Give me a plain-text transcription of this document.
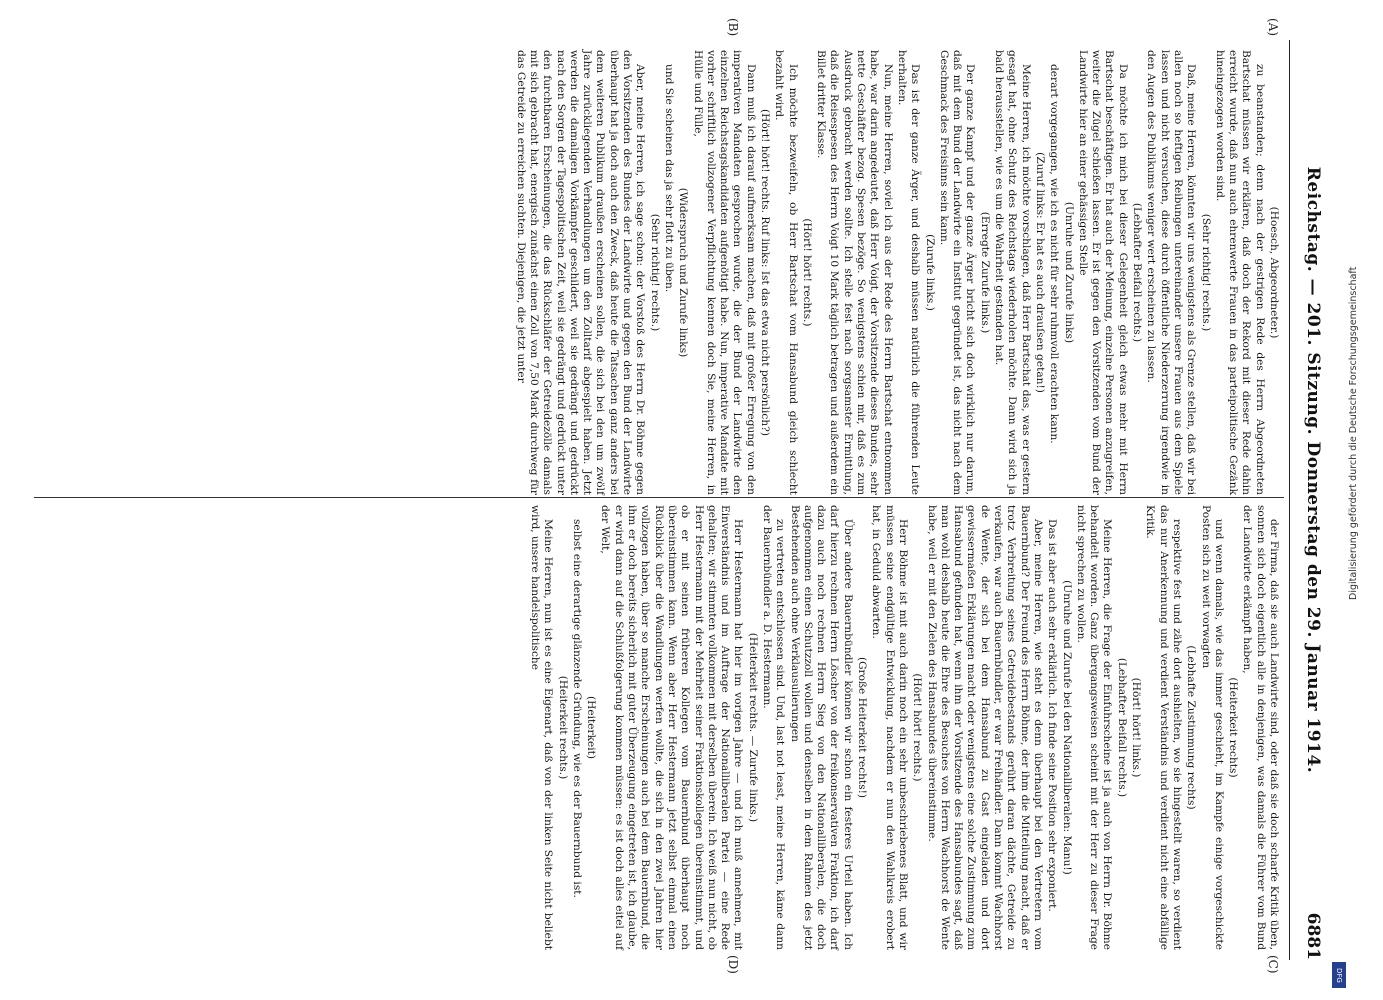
Reichstag. — 201. Sitzung. Donnerstag den 29. Januar 1914.
6881
(A)
(B)
(C)
(D)

(Hoesch, Abgeordneter.)

zu beanstanden; denn nach der gestrigen Rede des Herrn Abgeordneten Bartschat müssen wir erklären, daß doch der Rekord mit dieser Rede dahin erreicht wurde, daß nun auch ehrenwerte Frauen in das parteipolitische Gezänk hineingezogen worden sind.

(Sehr richtig! rechts.)

Daß, meine Herren, könnten wir uns wenigstens als Grenze stellen, daß wir bei allen noch so heftigen Reibungen untereinander unsere Frauen aus dem Spiele lassen und nicht versuchen, diese durch öffentliche Niederzerrung irgendwie in den Augen des Publikums weniger wert erscheinen zu lassen.

(Lebhafter Beifall rechts.)

Da möchte ich mich bei dieser Gelegenheit gleich etwas mehr mit Herrn Bartschat beschäftigen. Er hat auch der Meinung, einzelne Personen anzugreifen, weiter die Zügel schießen lassen. Er ist gegen den Vorsitzenden vom Bund der Landwirte hier an einer gehässigen Stelle

(Unruhe und Zurufe links)

derart vorgegangen, wie ich es nicht für sehr ruhmvoll erachten kann.

(Zuruf links: Er hat es auch drauſsen getan!)

Meine Herren, ich möchte vorschlagen, daß Herr Bartschat das, was er gestern gesagt hat, ohne Schutz des Reichstags wiederholen möchte. Dann wird sich ja bald herausstellen, wie es um die Wahrheit gestanden hat.

(Erregte Zurufe links.)

Der ganze Kampf und der ganze Ärger bricht sich doch wirklich nur darum, daß mit dem Bund der Landwirte ein Institut gegründet ist, das nicht nach dem Geschmack des Freisinns sein kann.

(Zurufe links.)

Das ist der ganze Ärger, und deshalb müssen natürlich die führenden Leute herhalten.

Nun, meine Herren, soviel ich aus der Rede des Herrn Bartschat entnommen habe, war darin angedeutet, daß Herr Voigt, der Vorsitzende dieses Bundes, sehr nette Geschäfter bezog. Spesen bezöge. So wenigstens schien mir, daß es zum Ausdruck gebracht werden sollte. Ich stelle fest nach sorgsamster Ermittlung, daß die Reisespesen des Herrn Voigt 10 Mark täglich betragen und außerdem ein Billet dritter Klasse.

(Hört! hört! rechts.)

Ich möchte bezweifeln, ob Herr Bartschat vom Hansabund gleich schlecht bezahlt wird.

(Hört! hört! rechts. Ruf links: Ist das etwa nicht persönlich?)

Dann muß ich darauf aufmerksam machen, daß mit großer Erregung von den imperativen Mandaten gesprochen wurde, die der Bund der Landwirte den einzelnen Reichstagskandidaten aufgenötigt habe. Nun, imperative Mandate mit vorher schriftlich vollzogener Verpflichtung kennen doch Sie, meine Herren, in Hülle und Fülle,

(Widerspruch und Zurufe links)

und Sie scheinen das ja sehr flott zu üben.

(Sehr richtig! rechts.)

Aber, meine Herren, ich sage schon: der Vorstoß des Herrn Dr. Böhme gegen den Vorsitzenden des Bundes der Landwirte und gegen den Bund der Landwirte überhaupt hat ja doch auch den Zweck, daß heute die Tatsachen ganz anders bei dem weiteren Publikum draußen erscheinen sollen, die sich bei den um zwölf Jahre zurückliegenden Verhandlungen um den Zolltarif abgespielt haben. Jetzt werden die damaligen Vorkämpfer geschildert, weil sie gedrängt und gedrückt nach den Sorgen der Tagespolitischen Zeit, weil sie gedrängt und gedrückt unter den furchtbaren Erscheinungen, die das Rückschläfer der Getreidezölle damals mit sich gebracht hat, energisch zunächst einen Zoll von 7,50 Mark durchweg für das Getreide zu erreichen suchten. Diejenigen, die jetzt unter

der Firma, daß sie auch Landwirte sind, oder daß sie doch scharfe Kritik üben, sonnen sich doch eigentlich alle in denjenigen, was damals die Führer vom Bund der Landwirte erkämpft haben,

(Heiterkeit rechts)

und wenn damals, wie das immer geschieht, im Kampfe einige vorgeschickte Posten sich zu weit vorwagten

(Lebhafte Zustimmung rechts)

respektive fest und zähe dort aushielten, wo sie hingestellt waren, so verdient das nur Anerkennung und verdient Verständnis und verdient nicht eine abfällige Kritik.

(Hört! hört! links.)

(Lebhafter Beifall rechts.)

Meine Herren, die Frage der Einfuhrscheine ist ja auch von Herrn Dr. Böhme behandelt worden. Ganz übergangsweisen scheint mit der Herr zu dieser Frage nicht sprechen zu wollen.

(Unruhe und Zurufe bei den Nationalliberalen: Manu!)

Das ist aber auch sehr erklärlich. Ich finde seine Position sehr exponiert.

Aber, meine Herren, wie steht es denn überhaupt bei den Vertretern vom Bauernbund? Der Freund des Herrn Böhme, der ihm die Mitteilung macht, daß er trotz Verbreitung seines Getreidebestands gerührt daran dächte, Getreide zu verkaufen, war auch Bauernbündler, er war Freihändler. Dann kommt Wachhorst de Wente, der sich bei dem Hansabund zu Gast eingeladen und dort gewissermaßen Erklärungen macht oder wenigstens eine solche Zustimmung zum Hansabund gefunden hat, wenn ihm der Vorsitzende des Hansabundes sagt, daß man wohl deshalb heute die Ehre des Besuches von Herrn Wachhorst de Wente habe, weil er mit den Zielen des Hansabundes übereinstimme.

(Hört! hört! rechts.)

Herr Böhme ist mit auch darin noch ein sehr unbeschriebenes Blatt, und wir müssen seine endgültige Entwicklung, nachdem er nun den Wahlkreis erobert hat, in Geduld abwarten.

(Große Heiterkeit rechts!)

Über andere Bauernbündler können wir schon ein festeres Urteil haben. Ich darf hierzu rechnen Herrn Löscher von der freikonservativen Fraktion, ich darf dazu auch noch rechnen Herrn Sieg von den Nationalliberalen, die doch aufgenommen einen Schutzzoll wollen und denselben in dem Rahmen des jetzt Bestehenden auch ohne Verklausulierungen

zu vertreten entschlossen sind. Und, last not least, meine Herren, käme dann der Bauernbündler a. D. Hestermann.

(Heiterkeit rechts. — Zurufe links.)

Herr Hestermann hat hier im vorigen Jahre — und ich muß annehmen, mit Einverständnis und im Auftrage der Nationalliberalen Partei — eine Rede gehalten; wir stimmten vollkommen mit derselben überein. Ich weiß nun nicht, ob Herr Hestermann mit der Mehrheit seiner Fraktionskollegen übereinstimmt, und ob er mit seinen früheren Kollegen vom Bauernbund überhaupt noch übereinstimmen kann. Wenn aber Herr Hestermann jetzt selbst einmal einen Rückblick über die Wandlungen werfen wollte, die sich in den zwei Jahren hier vollzogen haben, über so manche Erscheinungen auch bei dem Bauernbund, die ihm er doch bereits sicherlich mit guter Überzeugung eingetreten ist, ich glaube, er wird dann auf die Schlußfolgerung kommen müssen: es ist doch alles eitel auf der Welt,

(Heiterkeit)

selbst eine derartige glänzende Gründung, wie es der Bauernbund ist.

(Heiterkeit rechts.)

Meine Herren, nun ist es eine Eigenart, daß von der linken Seite nicht beliebt wird, unsere handelspolitische	Digitalisierung gefördert durch die Deutsche Forschungsgemeinschaft
DFG
